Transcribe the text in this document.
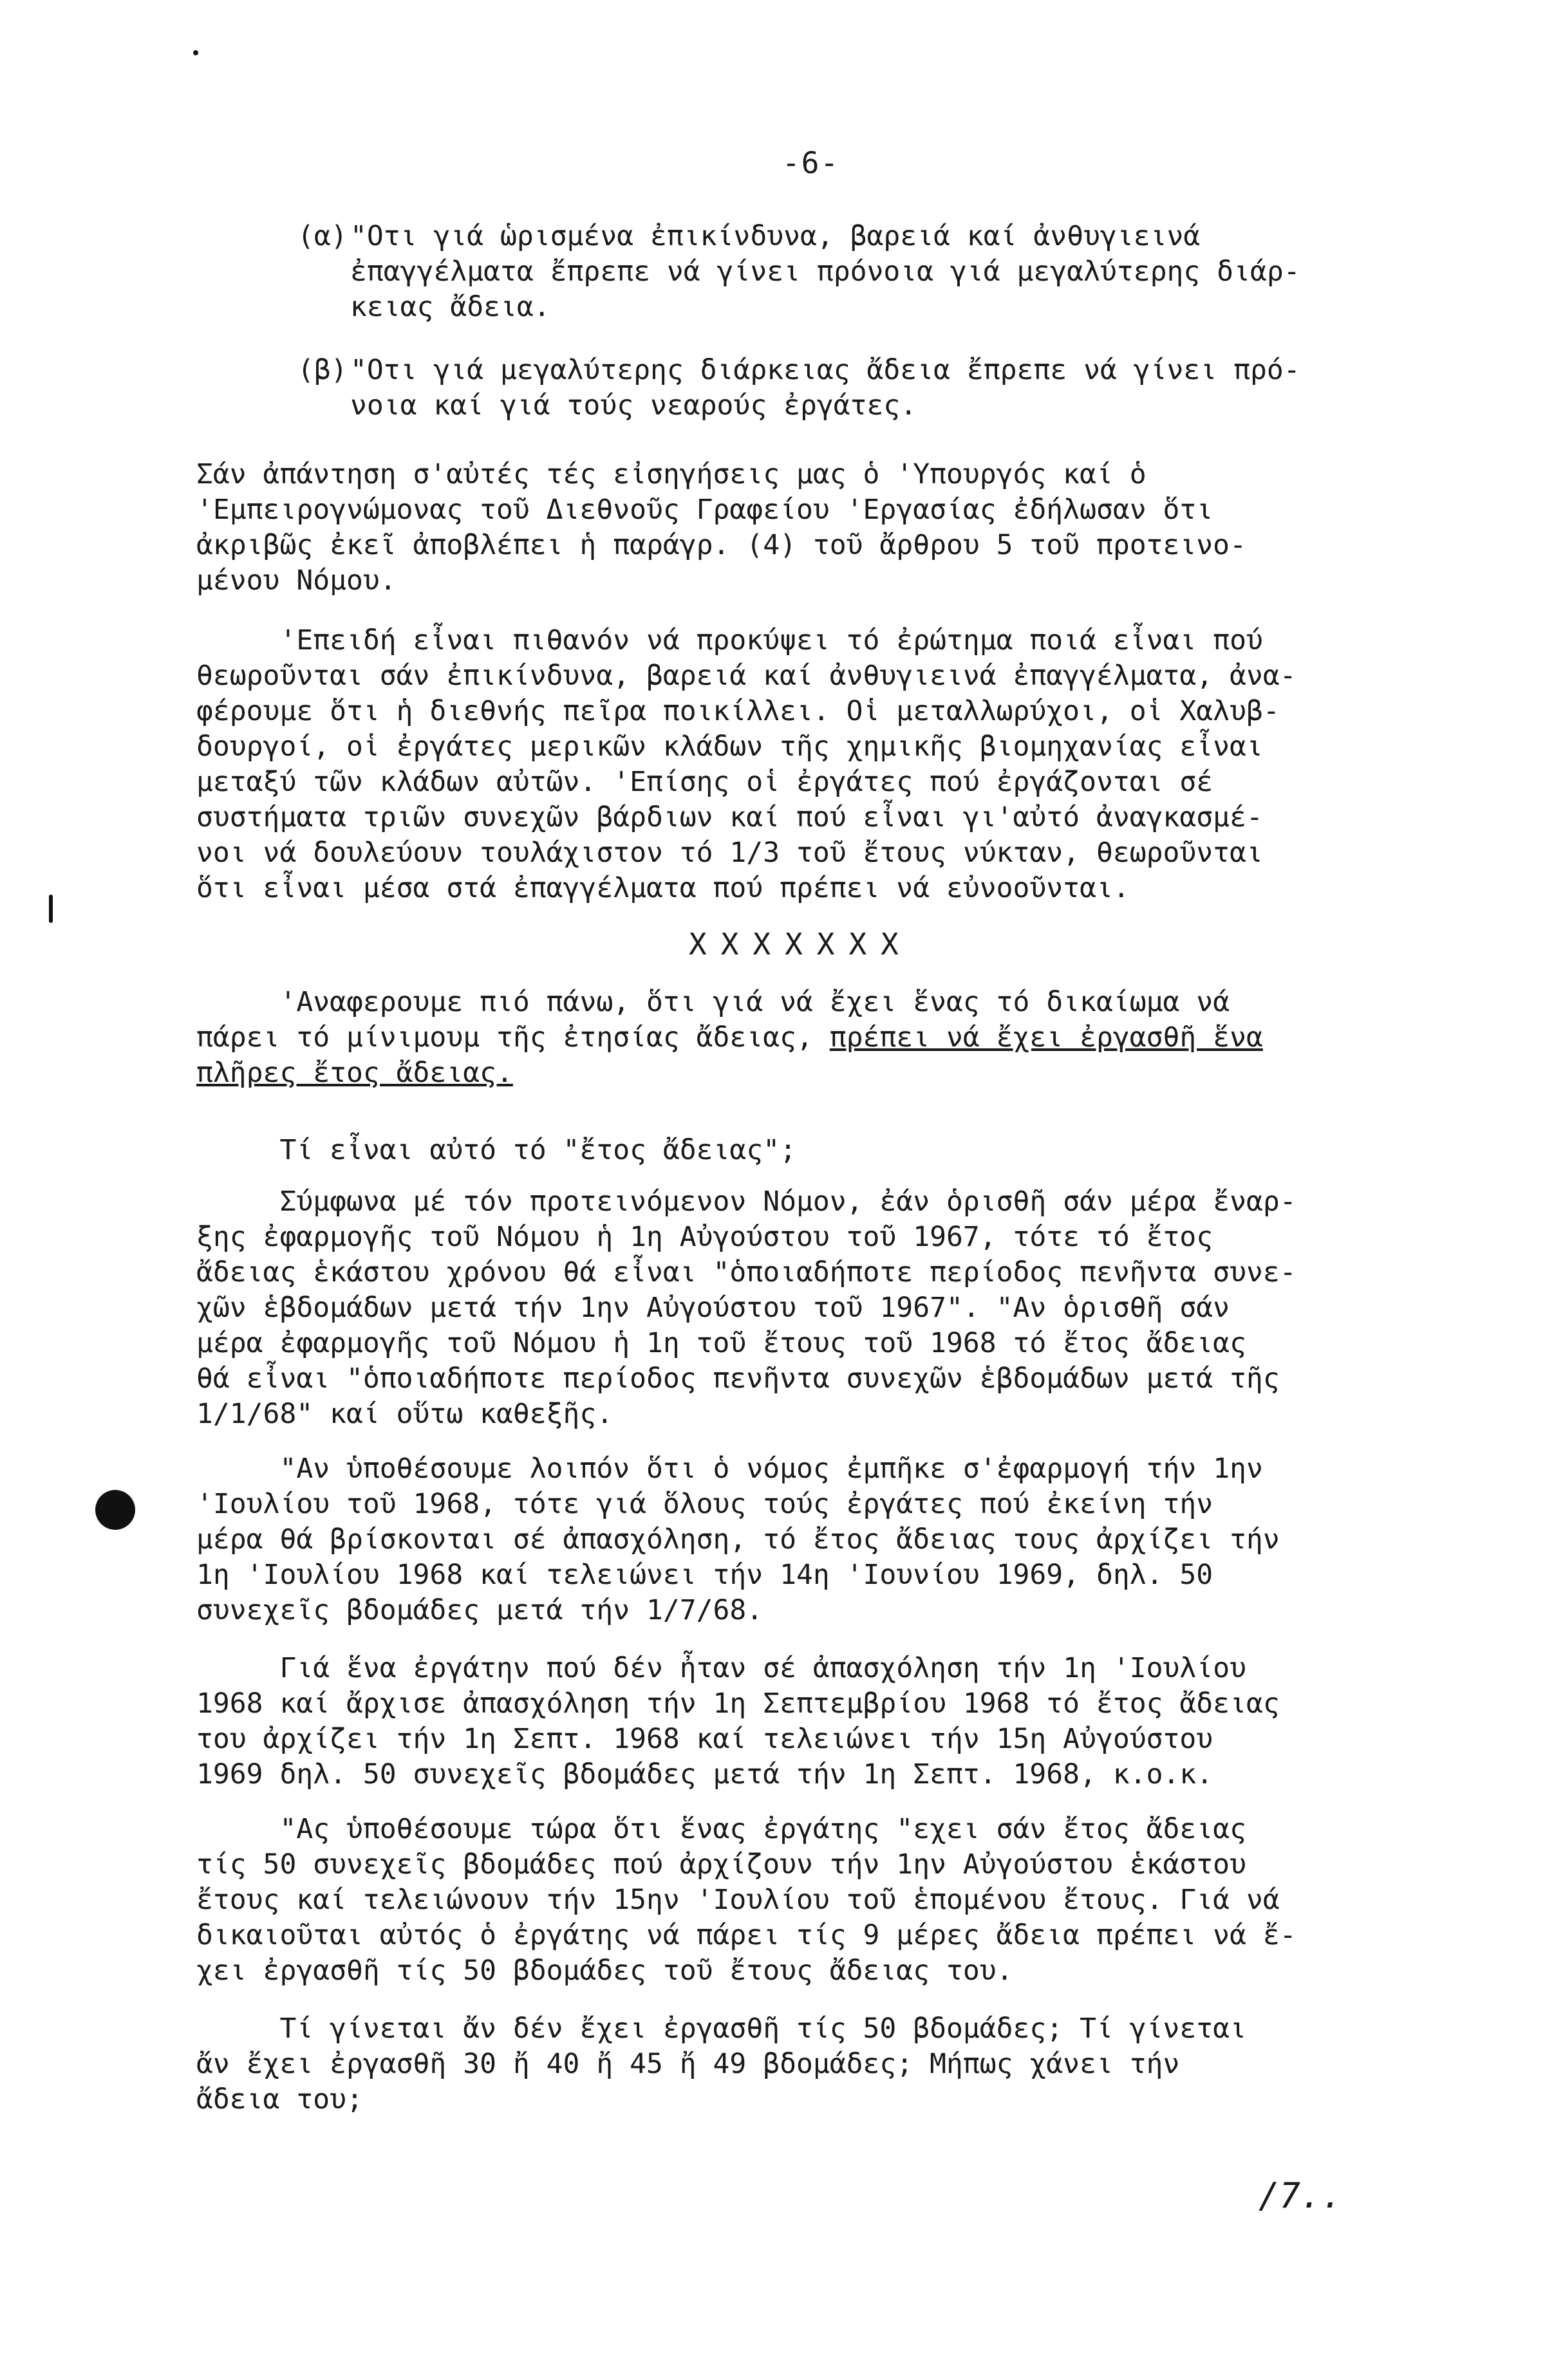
-6-
(α) "Οτι γιά ὡρισμένα ἐπικίνδυνα, βαρειά καί ἀνθυγιεινά
ἐπαγγέλματα ἔπρεπε νά γίνει πρόνοια γιά μεγαλύτερης διάρ-
κειας ἄδεια.
(β) "Οτι γιά μεγαλύτερης διάρκειας ἄδεια ἔπρεπε νά γίνει πρό-
νοια καί γιά τούς νεαρούς ἐργάτες.
Σάν ἀπάντηση σ'αὐτές τές εἰσηγήσεις μας ὁ 'Υπουργός καί ὁ
'Εμπειρογνώμονας τοῦ Διεθνοῦς Γραφείου 'Εργασίας ἐδήλωσαν ὅτι
ἀκριβῶς ἐκεῖ ἀποβλέπει ἡ παράγρ. (4) τοῦ ἄρθρου 5 τοῦ προτεινο-
μένου Νόμου.
'Επειδή εἶναι πιθανόν νά προκύψει τό ἐρώτημα ποιά εἶναι πού
θεωροῦνται σάν ἐπικίνδυνα, βαρειά καί ἀνθυγιεινά ἐπαγγέλματα, ἀνα-
φέρουμε ὅτι ἡ διεθνής πεῖρα ποικίλλει. Οἱ μεταλλωρύχοι, οἱ Χαλυβ-
δουργοί, οἱ ἐργάτες μερικῶν κλάδων τῆς χημικῆς βιομηχανίας εἶναι
μεταξύ τῶν κλάδων αὐτῶν. 'Επίσης οἱ ἐργάτες πού ἐργάζονται σέ
συστήματα τριῶν συνεχῶν βάρδιων καί πού εἶναι γι'αὐτό ἀναγκασμέ-
νοι νά δουλεύουν τουλάχιστον τό 1/3 τοῦ ἔτους νύκταν, θεωροῦνται
ὅτι εἶναι μέσα στά ἐπαγγέλματα πού πρέπει νά εὐνοοῦνται.
XXXXXXX
'Αναφερουμε πιό πάνω, ὅτι γιά νά ἔχει ἕνας τό δικαίωμα νά
πάρει τό μίνιμουμ τῆς ἐτησίας ἄδειας, πρέπει νά ἔχει ἐργασθῆ ἕνα
πλῆρες ἔτος ἄδειας.
Τί εἶναι αὐτό τό "ἔτος ἄδειας";
Σύμφωνα μέ τόν προτεινόμενον Νόμον, ἐάν ὁρισθῆ σάν μέρα ἔναρ-
ξης ἐφαρμογῆς τοῦ Νόμου ἡ 1η Αὐγούστου τοῦ 1967, τότε τό ἔτος
ἄδειας ἑκάστου χρόνου θά εἶναι "ὁποιαδήποτε περίοδος πενῆντα συνε-
χῶν ἑβδομάδων μετά τήν 1ην Αὐγούστου τοῦ 1967". "Αν ὁρισθῆ σάν
μέρα ἐφαρμογῆς τοῦ Νόμου ἡ 1η τοῦ ἔτους τοῦ 1968 τό ἔτος ἄδειας
θά εἶναι "ὁποιαδήποτε περίοδος πενῆντα συνεχῶν ἑβδομάδων μετά τῆς
1/1/68" καί οὕτω καθεξῆς.
"Αν ὑποθέσουμε λοιπόν ὅτι ὁ νόμος ἐμπῆκε σ'ἐφαρμογή τήν 1ην
'Ιουλίου τοῦ 1968, τότε γιά ὅλους τούς ἐργάτες πού ἐκείνη τήν
μέρα θά βρίσκονται σέ ἀπασχόληση, τό ἔτος ἄδειας τους ἀρχίζει τήν
1η 'Ιουλίου 1968 καί τελειώνει τήν 14η 'Ιουνίου 1969, δηλ. 50
συνεχεῖς βδομάδες μετά τήν 1/7/68.
Γιά ἕνα ἐργάτην πού δέν ἦταν σέ ἀπασχόληση τήν 1η 'Ιουλίου
1968 καί ἄρχισε ἀπασχόληση τήν 1η Σεπτεμβρίου 1968 τό ἔτος ἄδειας
του ἀρχίζει τήν 1η Σεπτ. 1968 καί τελειώνει τήν 15η Αὐγούστου
1969 δηλ. 50 συνεχεῖς βδομάδες μετά τήν 1η Σεπτ. 1968, κ.ο.κ.
"Ας ὑποθέσουμε τώρα ὅτι ἕνας ἐργάτης "εχει σάν ἔτος ἄδειας
τίς 50 συνεχεῖς βδομάδες πού ἀρχίζουν τήν 1ην Αὐγούστου ἑκάστου
ἔτους καί τελειώνουν τήν 15ην 'Ιουλίου τοῦ ἑπομένου ἔτους. Γιά νά
δικαιοῦται αὐτός ὁ ἐργάτης νά πάρει τίς 9 μέρες ἄδεια πρέπει νά ἔ-
χει ἐργασθῆ τίς 50 βδομάδες τοῦ ἔτους ἄδειας του.
Τί γίνεται ἄν δέν ἔχει ἐργασθῆ τίς 50 βδομάδες; Τί γίνεται
ἄν ἔχει ἐργασθῆ 30 ἤ 40 ἤ 45 ἤ 49 βδομάδες; Μήπως χάνει τήν
ἄδεια του;
/7..
